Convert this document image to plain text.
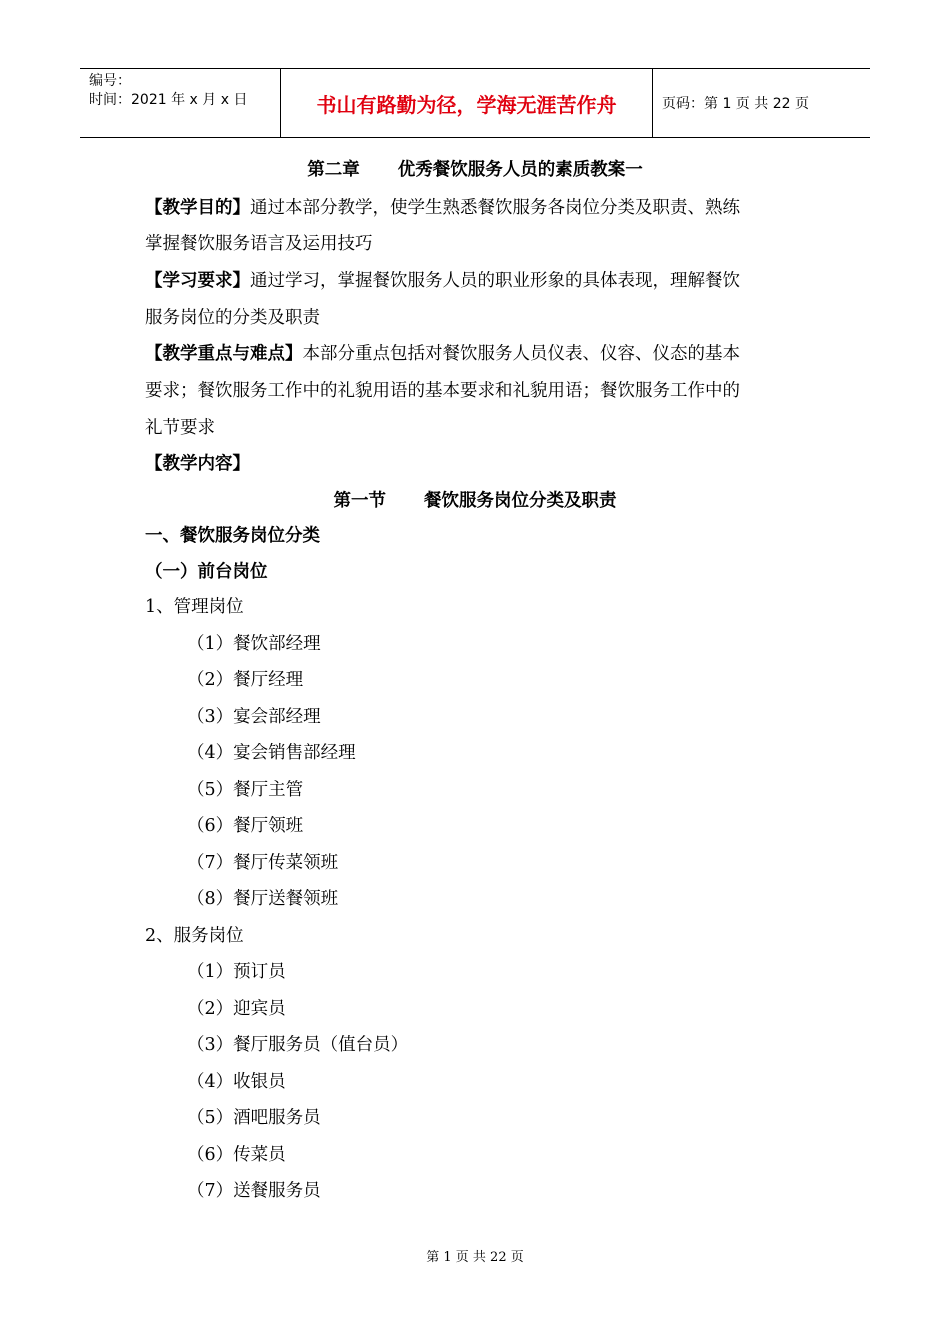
编号：
时间：2021 年 x 月 x 日	书山有路勤为径，学海无涯苦作舟	页码：第 1 页 共 22 页
第二章 优秀餐饮服务人员的素质教案一
【教学目的】通过本部分教学，使学生熟悉餐饮服务各岗位分类及职责、熟练
掌握餐饮服务语言及运用技巧
【学习要求】通过学习，掌握餐饮服务人员的职业形象的具体表现，理解餐饮
服务岗位的分类及职责
【教学重点与难点】本部分重点包括对餐饮服务人员仪表、仪容、仪态的基本
要求；餐饮服务工作中的礼貌用语的基本要求和礼貌用语；餐饮服务工作中的
礼节要求
【教学内容】
第一节 餐饮服务岗位分类及职责
一、餐饮服务岗位分类
（一）前台岗位
1、管理岗位
（1）餐饮部经理
（2）餐厅经理
（3）宴会部经理
（4）宴会销售部经理
（5）餐厅主管
（6）餐厅领班
（7）餐厅传菜领班
（8）餐厅送餐领班
2、服务岗位
（1）预订员
（2）迎宾员
（3）餐厅服务员（值台员）
（4）收银员
（5）酒吧服务员
（6）传菜员
（7）送餐服务员
第 1 页 共 22 页
